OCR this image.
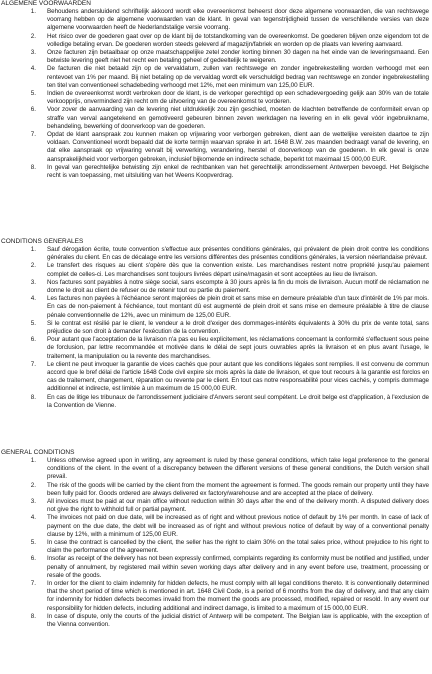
ALGEMENE VOORWAARDEN
1.	Behoudens andersluidend schriftelijk akkoord wordt elke overeenkomst beheerst door deze algemene voorwaarden, die van rechtswege voorrang hebben op de algemene voorwaarden van de klant. In geval van tegenstrijdigheid tussen de verschillende versies van deze algemene voorwaarden heeft de Nederlandstalige versie voorrang.
2.	Het risico over de goederen gaat over op de klant bij de totstandkoming van de overeenkomst. De goederen blijven onze eigendom tot de volledige betaling ervan. De goederen worden steeds geleverd af magazijn/fabriek en worden op de plaats van levering aanvaard.
3.	Onze facturen zijn betaalbaar op onze maatschappelijke zetel zonder korting binnen 30 dagen na het einde van de leveringsmaand. Een betwiste levering geeft niet het recht een betaling geheel of gedeeltelijk te weigeren.
4.	De facturen die niet betaald zijn op de vervaldatum, zullen van rechtswege en zonder ingebrekestelling worden verhoogd met een rentevoet van 1% per maand. Bij niet betaling op de vervaldag wordt elk verschuldigd bedrag van rechtswege en zonder ingebrekestelling ten titel van conventioneel schadebeding verhoogd met 12%, met een minimum van 125,00 EUR.
5.	Indien de overeenkomst wordt verbroken door de klant, is de verkoper gerechtigd op een schadevergoeding gelijk aan 30% van de totale verkoopprijs, onverminderd zijn recht om de uitvoering van de overeenkomst te vorderen.
6.	Voor zover de aanvaarding van de levering niet uitdrukkelijk zou zijn geschied, moeten de klachten betreffende de conformiteit ervan op straffe van verval aangetekend en gemotiveerd gebeuren binnen zeven werkdagen na levering en in elk geval vóór ingebruikname, behandeling, bewerking of doorverkoop van de goederen.
7.	Opdat de klant aanspraak zou kunnen maken op vrijwaring voor verborgen gebreken, dient aan de wettelijke vereisten daartoe te zijn voldaan. Conventioneel wordt bepaald dat de korte termijn waarvan sprake in art. 1648 B.W. zes maanden bedraagt vanaf de levering, en dat elke aanspraak op vrijwaring vervalt bij verwerking, verandering, herstel of doorverkoop van de goederen. In elk geval is onze aansprakelijkheid voor verborgen gebreken, inclusief bijkomende en indirecte schade, beperkt tot maximaal 15 000,00 EUR.
8.	In geval van gerechtelijke betwisting zijn enkel de rechtbanken van het gerechtelijk arrondissement Antwerpen bevoegd. Het Belgische recht is van toepassing, met uitsluiting van het Weens Koopverdrag.
CONDITIONS GENERALES
1.	Sauf dérogation écrite, toute convention s'effectue aux présentes conditions générales, qui prévalent de plein droit contre les conditions générales du client. En cas de décalage entre les versions différentes des présentes conditions générales, la version néerlandaise prévaut.
2.	Le transfert des risques au client s'opère dès que la convention existe. Les marchandises restent notre propriété jusqu'au paiement complet de celles-ci. Les marchandises sont toujours livrées départ usine/magasin et sont acceptées au lieu de livraison.
3.	Nos factures sont payables à notre siège social, sans escompte à 30 jours après la fin du mois de livraison. Aucun motif de réclamation ne donne le droit au client de refuser ou de retenir tout ou partie du paiement.
4.	Les factures non payées à l'échéance seront majorées de plein droit et sans mise en demeure préalable d'un taux d'intérêt de 1% par mois. En cas de non-paiement à l'échéance, tout montant dû est augmenté de plein droit et sans mise en demeure préalable à titre de clause pénale conventionnelle de 12%, avec un minimum de 125,00 EUR.
5.	Si le contrat est résilié par le client, le vendeur a le droit d'exiger des dommages-intérêts équivalents à 30% du prix de vente total, sans préjudice de son droit à demander l'exécution de la convention.
6.	Pour autant que l'acceptation de la livraison n'a pas eu lieu explicitement, les réclamations concernant la conformité s'effectuent sous peine de forclusion, par lettre recommandée et motivée dans le délai de sept jours ouvrables après la livraison et en plus avant l'usage, le traitement, la manipulation ou la revente des marchandises.
7.	Le client ne peut invoquer la garantie de vices cachés que pour autant que les conditions légales sont remplies. Il est convenu de commun accord que le bref délai de l'article 1648 Code civil expire six mois après la date de livraison, et que tout recours à la garantie est forclos en cas de traitement, changement, réparation ou revente par le client. En tout cas notre responsabilité pour vices cachés, y compris dommage additionnel et indirecte, est limitée à un maximum de 15 000,00 EUR.
8.	En cas de litige les tribunaux de l'arrondissement judiciaire d'Anvers seront seul compétent. Le droit belge est d'application, à l'exclusion de la Convention de Vienne.
GENERAL CONDITIONS
1.	Unless otherwise agreed upon in writing, any agreement is ruled by these general conditions, which take legal preference to the general conditions of the client. In the event of a discrepancy between the different versions of these general conditions, the Dutch version shall prevail.
2.	The risk of the goods will be carried by the client from the moment the agreement is formed. The goods remain our property until they have been fully paid for. Goods ordered are always delivered ex factory/warehouse and are accepted at the place of delivery.
3.	All invoices must be paid at our main office without reduction within 30 days after the end of the delivery month. A disputed delivery does not give the right to withhold full or partial payment.
4.	The invoices not paid on due date, will be increased as of right and without previous notice of default by 1% per month. In case of lack of payment on the due date, the debt will be increased as of right and without previous notice of default by way of a conventional penalty clause by 12%, with a minimum of 125,00 EUR.
5.	In case the contract is cancelled by the client, the seller has the right to claim 30% on the total sales price, without prejudice to his right to claim the performance of the agreement.
6.	Insofar as receipt of the delivery has not been expressly confirmed, complaints regarding its conformity must be notified and justified, under penalty of annulment, by registered mail within seven working days after delivery and in any event before use, treatment, processing or resale of the goods.
7.	In order for the client to claim indemnity for hidden defects, he must comply with all legal conditions thereto. It is conventionally determined that the short period of time which is mentioned in art. 1648 Civil Code, is a period of 6 months from the day of delivery, and that any claim for indemnity for hidden defects becomes invalid from the moment the goods are processed, modified, repaired or resold. In any event our responsibility for hidden defects, including additional and indirect damage, is limited to a maximum of 15 000,00 EUR.
8.	In case of dispute, only the courts of the judicial district of Antwerp will be competent. The Belgian law is applicable, with the exception of the Vienna convention.
